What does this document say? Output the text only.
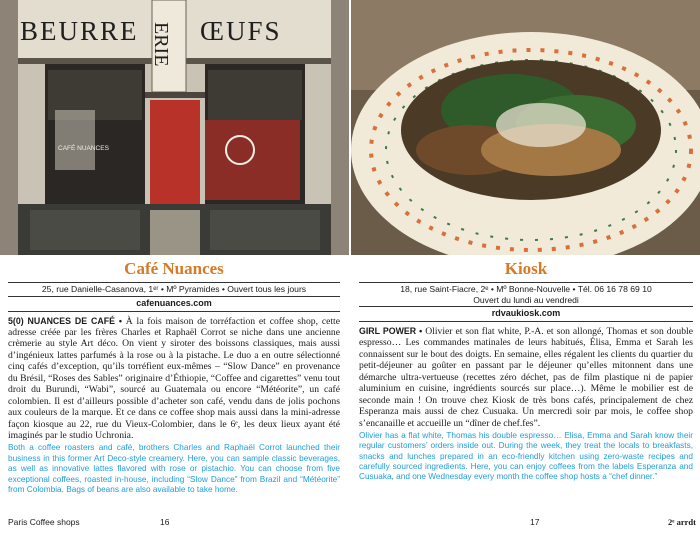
BEURRE ŒUFS
ERIE
CAFÉ NUANCES
Café Nuances
25, rue Danielle-Casanova, 1ᵉʳ • Mº Pyramides • Ouvert tous les jours
cafenuances.com

5(0) NUANCES DE CAFÉ • À la fois maison de torréfaction et coffee shop, cette adresse créée par les frères Charles et Raphaël Corrot se niche dans une ancienne crèmerie au style Art déco. On vient y siroter des boissons classiques, mais aussi d’ingénieux lattes parfumés à la rose ou à la pistache. Le duo a en outre sélectionné cinq cafés d’exception, qu’ils torréfient eux-mêmes – “Slow Dance” en provenance du Brésil, “Roses des Sables” originaire d’Éthiopie, “Coffee and cigarettes” venu tout droit du Burundi, “Wabi”, sourcé au Guatemala ou encore “Météorite”, un café colombien. Il est d’ailleurs possible d’acheter son café, vendu dans de jolis pochons aux couleurs de la marque. Et ce dans ce coffee shop mais aussi dans la mini-adresse façon kiosque au 22, rue du Vieux-Colombier, dans le 6ᵉ, les deux lieux ayant été imaginés par le studio Uchronia.

Both a coffee roasters and café, brothers Charles and Raphaël Corrot launched their business in this former Art Deco-style creamery. Here, you can sample classic beverages, as well as innovative lattes flavored with rose or pistachio. You can choose from five exceptional coffees, roasted in-house, including “Slow Dance” from Brazil and “Météorite” from Colombia. Bags of beans are also available to take home.

Kiosk
18, rue Saint-Fiacre, 2ᵉ • Mº Bonne-Nouvelle • Tél. 06 16 78 69 10
Ouvert du lundi au vendredi
rdvaukiosk.com

GIRL POWER • Olivier et son flat white, P.-A. et son allongé, Thomas et son double espresso… Les commandes matinales de leurs habitués, Élisa, Emma et Sarah les connaissent sur le bout des doigts. En semaine, elles régalent les clients du quartier du petit-déjeuner au goûter en passant par le déjeuner qu’elles mitonnent dans une démarche ultra-vertueuse (recettes zéro déchet, pas de film plastique ni de papier aluminium en cuisine, ingrédients sourcés sur place…). Même le mobilier est de seconde main ! On trouve chez Kiosk de très bons cafés, principalement de chez Esperanza mais aussi de chez Cusuaka. Un mercredi soir par mois, le coffee shop s’encanaille et accueille un “dîner de chef.fes”.

Olivier has a flat white, Thomas his double espresso… Elisa, Emma and Sarah know their regular customers’ orders inside out. During the week, they treat the locals to breakfasts, snacks and lunches prepared in an eco-friendly kitchen using zero-waste recipes and carefully sourced ingredients. Here, you can enjoy coffees from the labels Esperanza and Cusuaka, and one Wednesday every month the coffee shop hosts a “chef dinner.”

Paris Coffee shops	16	17	2ᵉ arrdt
